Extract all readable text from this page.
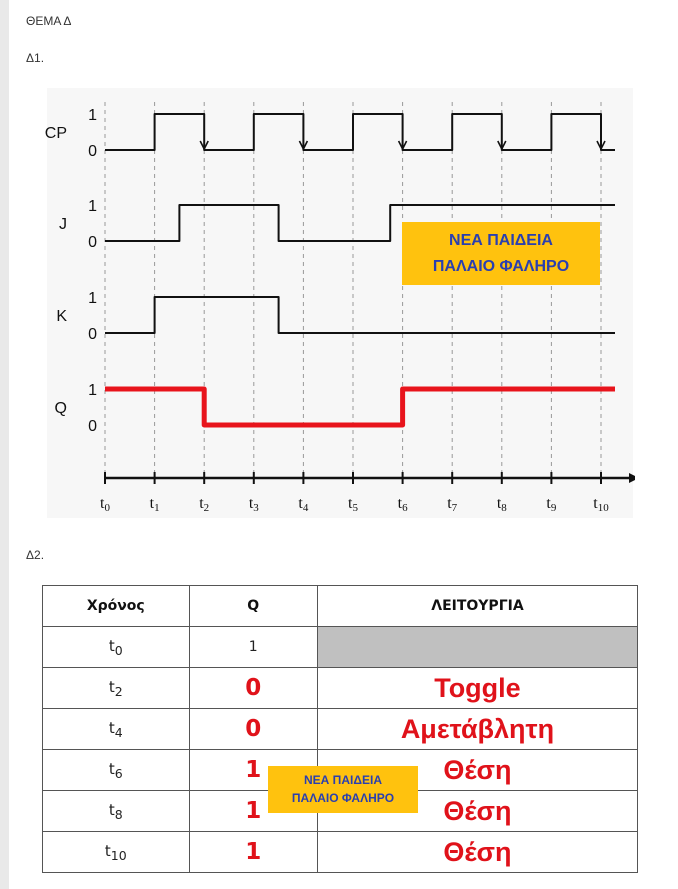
ΘΕΜΑ Δ
Δ1.
CP
1
0
J
1
0
K
1
0
Q
1
0
t0 t1 t2 t3 t4 t5 t6 t7 t8 t9 t10
ΝΕΑ ΠΑΙΔΕΙΑ
ΠΑΛΑΙΟ ΦΑΛΗΡΟ
Δ2.
Χρόνος	Q	ΛΕΙΤΟΥΡΓΙΑ
$t_0$	1	
$t_2$	0	Toggle
$t_4$	0	Αμετάβλητη
$t_6$	1	Θέση
$t_8$	1	Θέση
$t_{10}$	1	Θέση
ΝΕΑ ΠΑΙΔΕΙΑ
ΠΑΛΑΙΟ ΦΑΛΗΡΟ
